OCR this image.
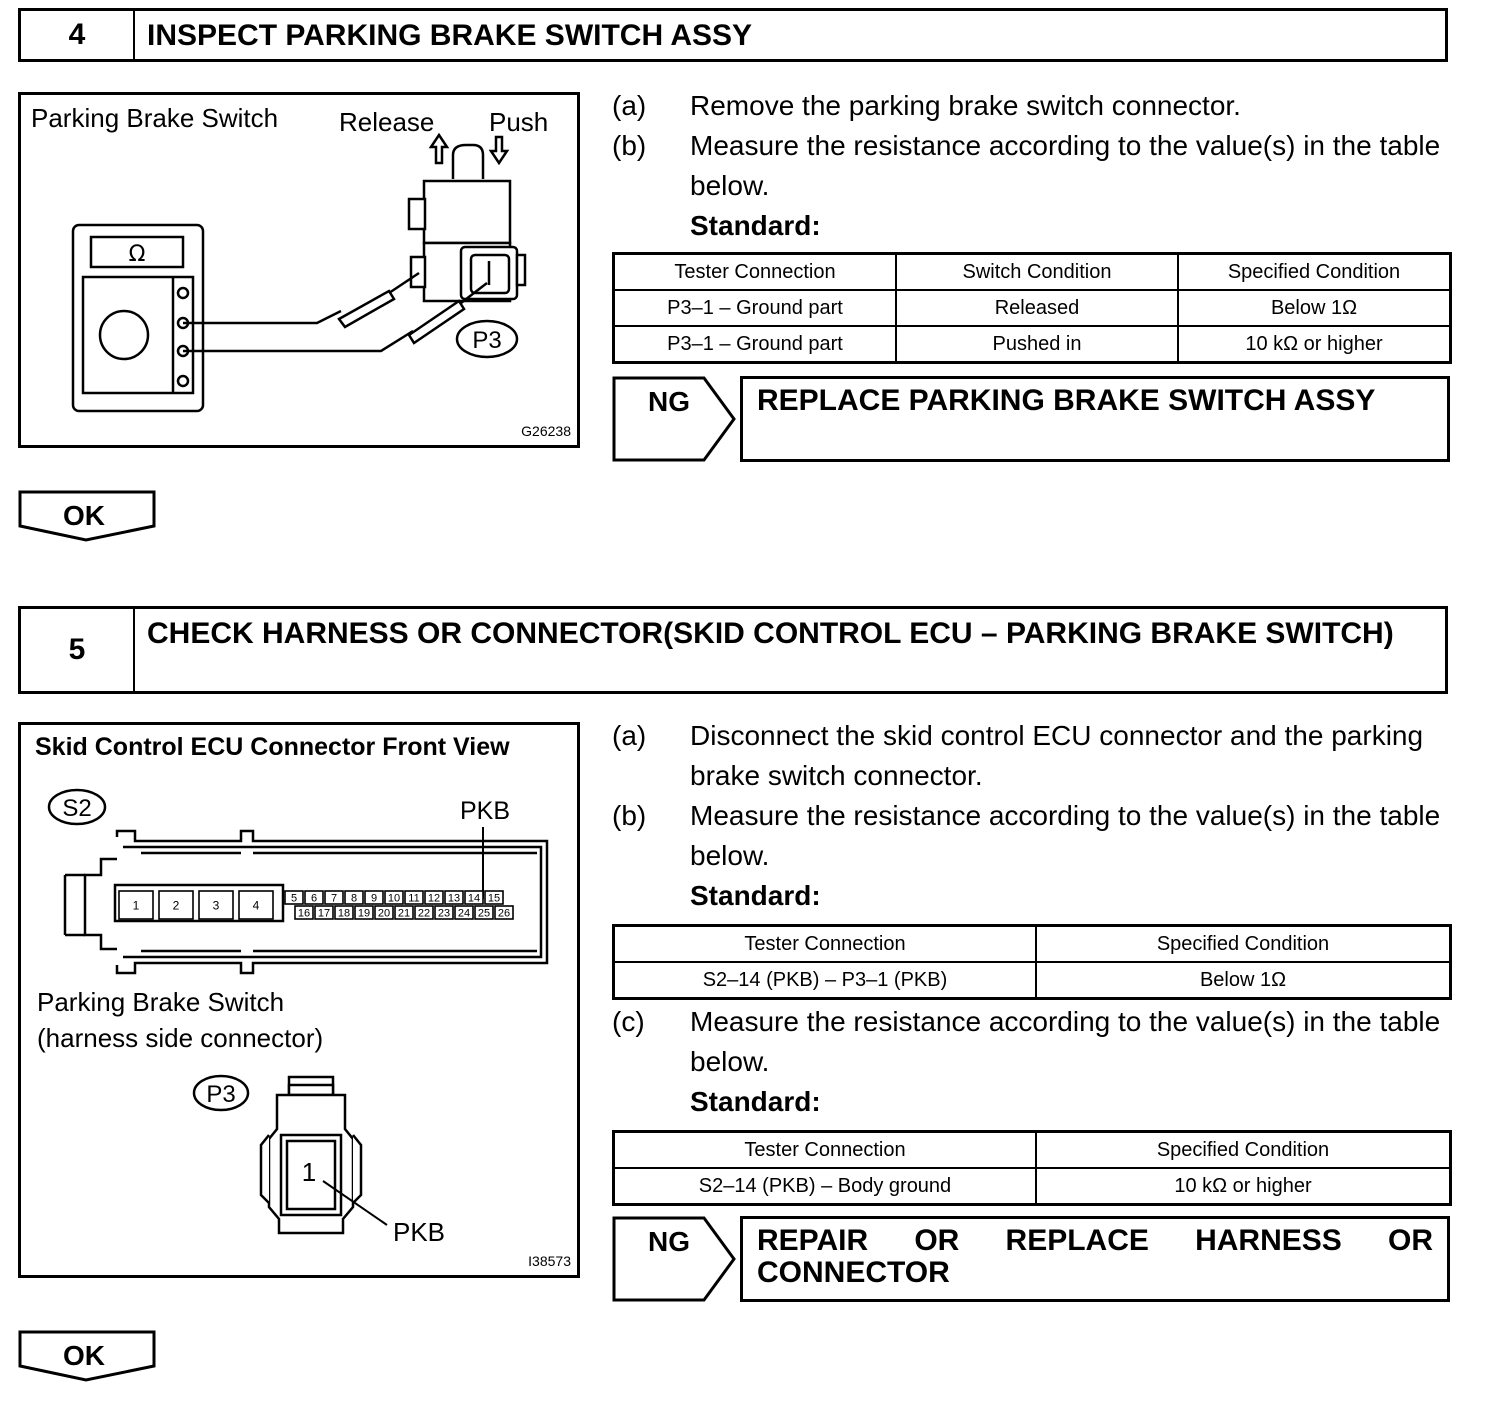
4	INSPECT PARKING BRAKE SWITCH ASSY
Parking Brake Switch Release Push
Ω
P3
G26238
(a) Remove the parking brake switch connector.
(b) Measure the resistance according to the value(s) in the table below.
Standard:
Tester Connection	Switch Condition	Specified Condition
P3–1 – Ground part	Released	Below 1Ω
P3–1 – Ground part	Pushed in	10 kΩ or higher
NG	REPLACE PARKING BRAKE SWITCH ASSY
OK
5	CHECK HARNESS OR CONNECTOR(SKID CONTROL ECU – PARKING BRAKE SWITCH)
Skid Control ECU Connector Front View
S2	PKB
1	2	3	4	5 6 7 8 9 10 11 12 13 14 15
16 17 18 19 20 21 22 23 24 25 26
P3
1
Parking Brake Switch
(harness side connector)
PKB
I38573
(a) Disconnect the skid control ECU connector and the parking brake switch connector.
(b) Measure the resistance according to the value(s) in the table below.
Standard:
Tester Connection	Specified Condition
S2–14 (PKB) – P3–1 (PKB)	Below 1Ω
(c) Measure the resistance according to the value(s) in the table below.
Standard:
Tester Connection	Specified Condition
S2–14 (PKB) – Body ground	10 kΩ or higher
NG	REPAIR OR REPLACE HARNESS OR CONNECTOR
OK
